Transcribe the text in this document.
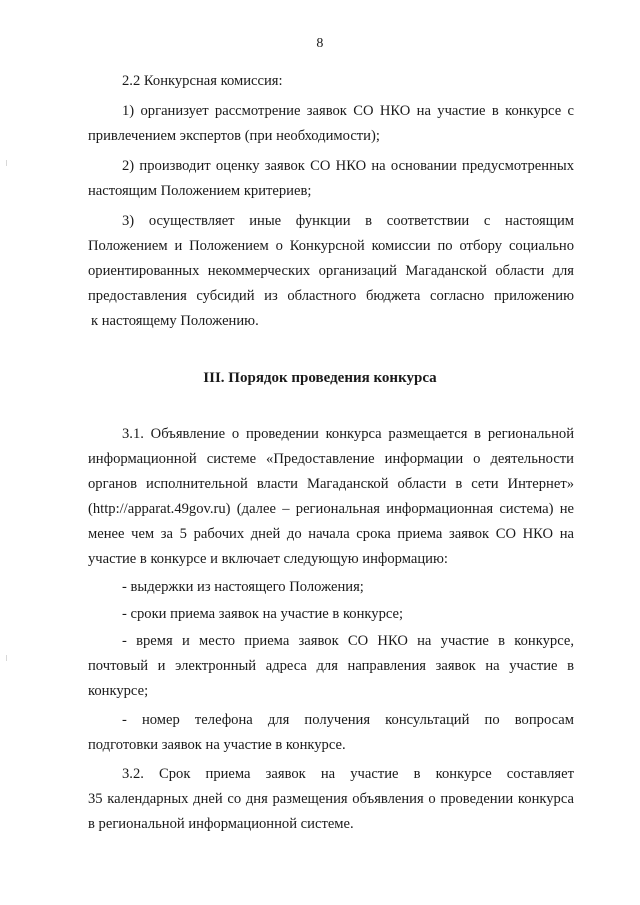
8
2.2 Конкурсная комиссия:
1) организует рассмотрение заявок СО НКО на участие в конкурсе с
привлечением экспертов (при необходимости);
2) производит оценку заявок СО НКО на основании предусмотренных
настоящим Положением критериев;
3) осуществляет иные функции в соответствии с настоящим
Положением и Положением о Конкурсной комиссии по отбору социально
ориентированных некоммерческих организаций Магаданской области для
предоставления субсидий из областного бюджета согласно приложению
к настоящему Положению.
III. Порядок проведения конкурса
3.1. Объявление о проведении конкурса размещается в региональной
информационной системе «Предоставление информации о деятельности
органов исполнительной власти Магаданской области в сети Интернет»
(http://apparat.49gov.ru) (далее – региональная информационная система) не
менее чем за 5 рабочих дней до начала срока приема заявок СО НКО на
участие в конкурсе и включает следующую информацию:
- выдержки из настоящего Положения;
- сроки приема заявок на участие в конкурсе;
- время и место приема заявок СО НКО на участие в конкурсе,
почтовый и электронный адреса для направления заявок на участие в
конкурсе;
- номер телефона для получения консультаций по вопросам
подготовки заявок на участие в конкурсе.
3.2. Срок приема заявок на участие в конкурсе составляет
35 календарных дней со дня размещения объявления о проведении конкурса
в региональной информационной системе.
